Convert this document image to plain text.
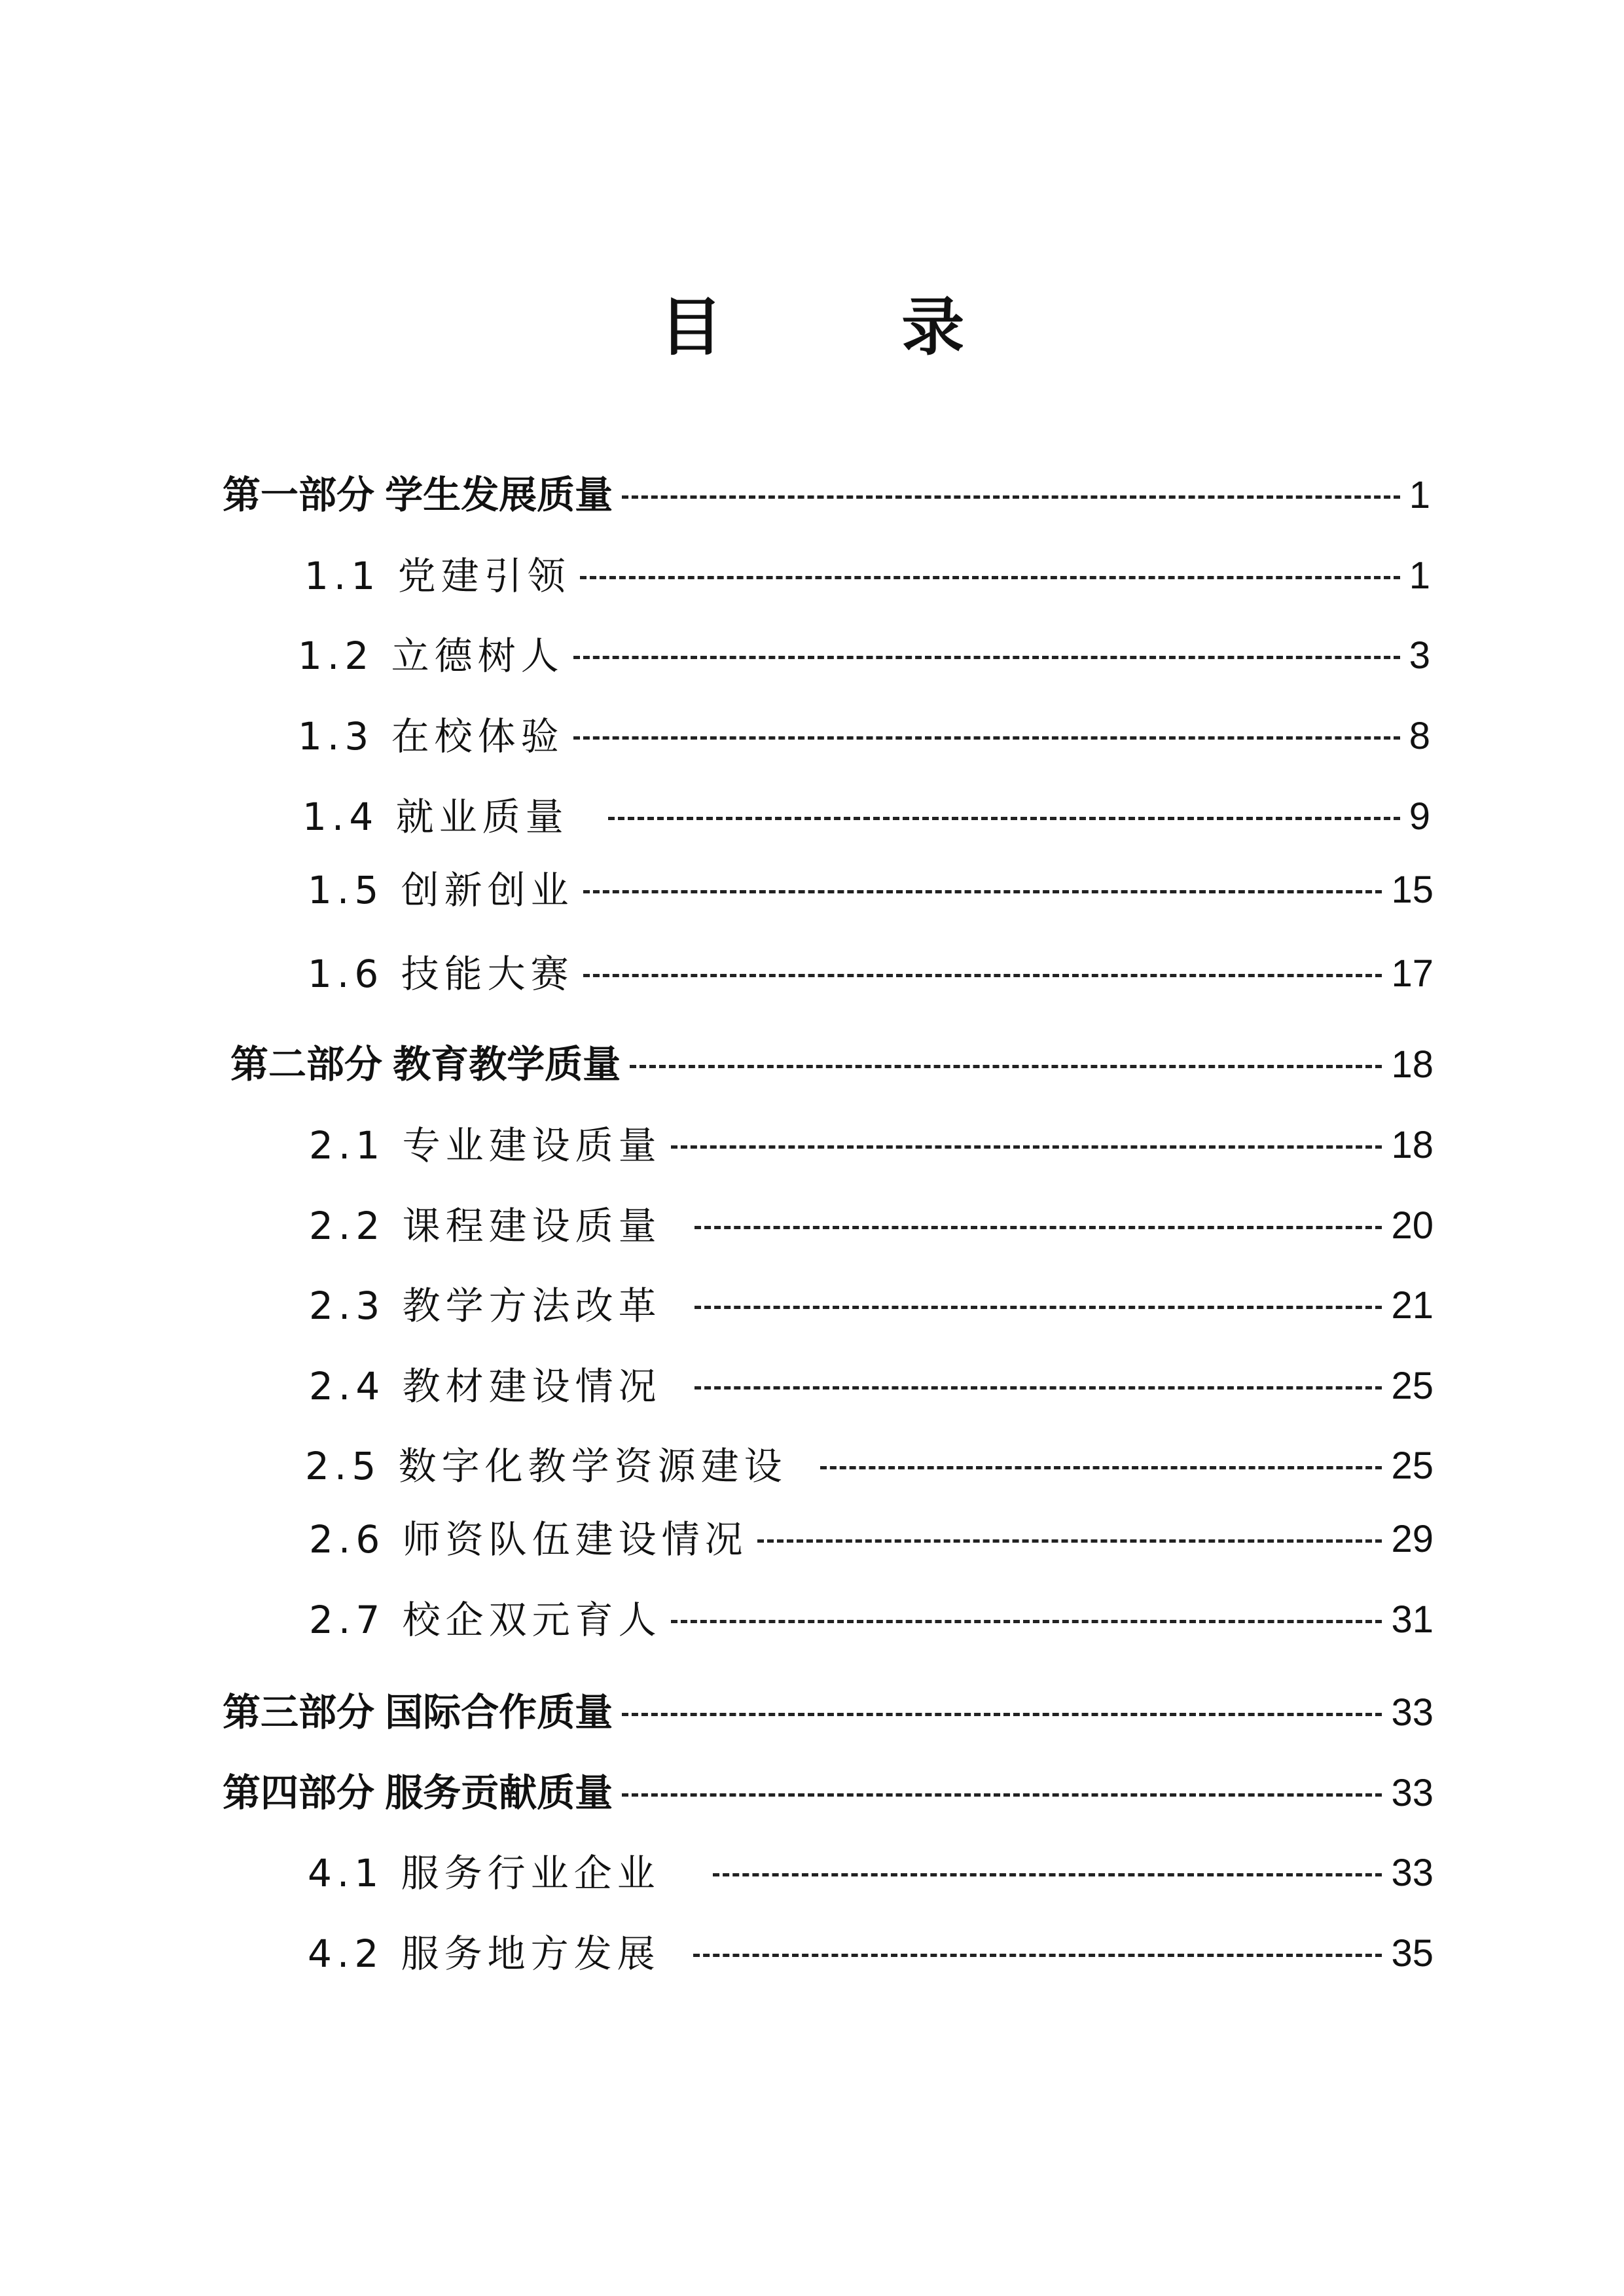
目 录
第一部分 学生发展质量	1
1.1 党建引领	1
1.2 立德树人	3
1.3 在校体验	8
1.4 就业质量	9
1.5 创新创业	15
1.6 技能大赛	17
第二部分 教育教学质量	18
2.1 专业建设质量	18
2.2 课程建设质量	20
2.3 教学方法改革	21
2.4 教材建设情况	25
2.5 数字化教学资源建设	25
2.6 师资队伍建设情况	29
2.7 校企双元育人	31
第三部分 国际合作质量	33
第四部分 服务贡献质量	33
4.1 服务行业企业	33
4.2 服务地方发展	35
